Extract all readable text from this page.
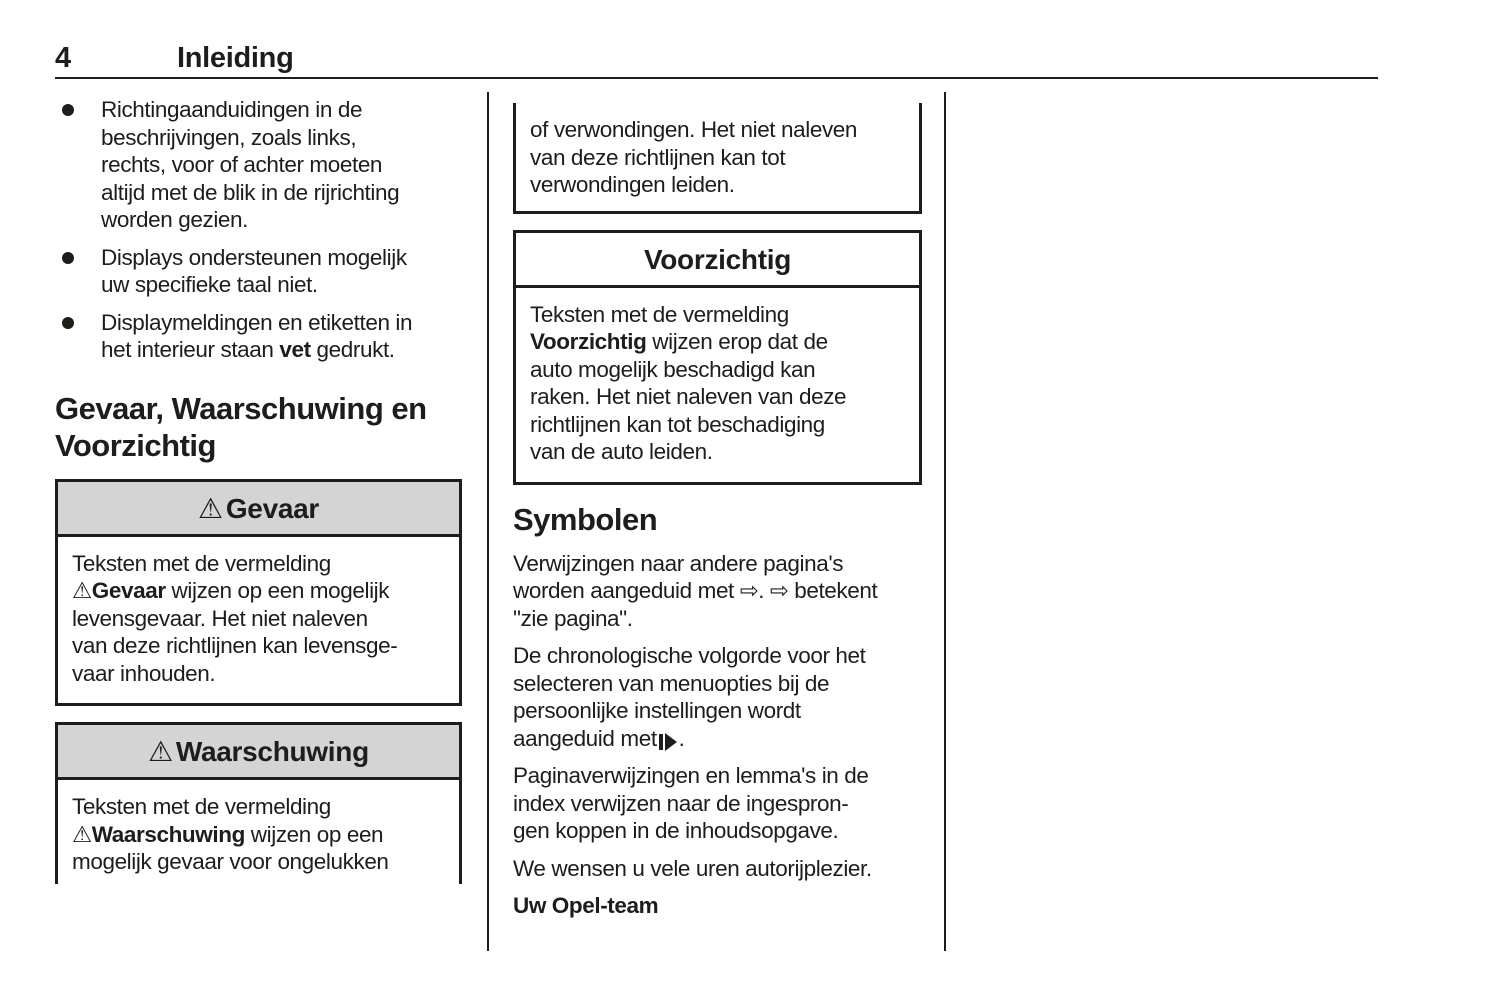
4	Inleiding
Richtingaanduidingen in de
beschrijvingen, zoals links,
rechts, voor of achter moeten
altijd met de blik in de rijrichting
worden gezien.
Displays ondersteunen mogelijk
uw specifieke taal niet.
Displaymeldingen en etiketten in
het interieur staan vet gedrukt.
Gevaar, Waarschuwing en
Voorzichtig
⚠ Gevaar
Teksten met de vermelding
⚠Gevaar wijzen op een mogelijk
levensgevaar. Het niet naleven
van deze richtlijnen kan levensge-
vaar inhouden.
⚠ Waarschuwing
Teksten met de vermelding
⚠Waarschuwing wijzen op een
mogelijk gevaar voor ongelukken
of verwondingen. Het niet naleven
van deze richtlijnen kan tot
verwondingen leiden.
Voorzichtig
Teksten met de vermelding
Voorzichtig wijzen erop dat de
auto mogelijk beschadigd kan
raken. Het niet naleven van deze
richtlijnen kan tot beschadiging
van de auto leiden.
Symbolen
Verwijzingen naar andere pagina's
worden aangeduid met ⇨. ⇨ betekent
"zie pagina".
De chronologische volgorde voor het
selecteren van menuopties bij de
persoonlijke instellingen wordt
aangeduid met .
Paginaverwijzingen en lemma's in de
index verwijzen naar de ingespron-
gen koppen in de inhoudsopgave.
We wensen u vele uren autorijplezier.
Uw Opel-team
